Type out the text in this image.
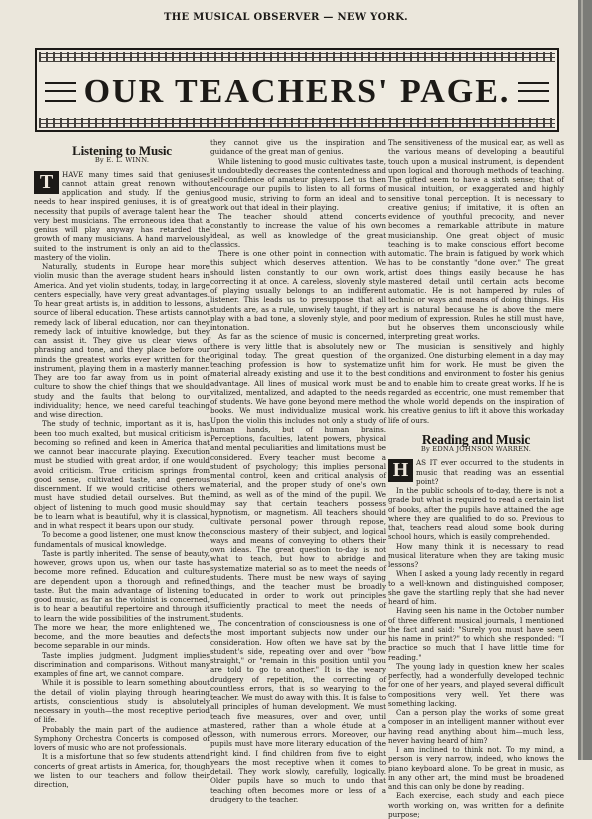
THE MUSICAL OBSERVER — NEW YORK.
OUR TEACHERS' PAGE.
Listening to Music
By E. L. WINN.

T	HAVE many times said that geniuses cannot attain great renown without application and study. If the genius needs to hear inspired geniuses, it is of great necessity that pupils of average talent hear the very best musicians. The erroneous idea that a genius will play anyway has retarded the growth of many musicians. A hand marvelously suited to the instrument is only an aid to the mastery of the violin.

Naturally, students in Europe hear more violin music than the average student hears in America. And yet violin students, today, in large centers especially, have very great advantages. To hear great artists is, in addition to lessons, a source of liberal education. These artists cannot remedy lack of liberal education, nor can they remedy lack of intuitive knowledge, but they can assist it. They give us clear views of phrasing and tone, and they place before our minds the greatest works ever written for the instrument, playing them in a masterly manner. They are too far away from us in point of culture to show the chief things that we should study and the faults that belong to our individuality; hence, we need careful teaching and wise direction.

The study of technic, important as it is, has been too much exalted, but musical criticism is becoming so refined and keen in America that we cannot bear inaccurate playing. Execution must be studied with great ardor, if one would avoid criticism. True criticism springs from good sense, cultivated taste, and generous discernment. If we would criticise others we must have studied detail ourselves. But the object of listening to much good music should be to learn what is beautiful, why it is classical, and in what respect it bears upon our study.

To become a good listener, one must know the fundamentals of musical knowledge.

Taste is partly inherited. The sense of beauty, however, grows upon us, when our taste has become more refined. Education and culture are dependent upon a thorough and refined taste. But the main advantage of listening to good music, as far as the violinist is concerned, is to hear a beautiful repertoire and through it to learn the wide possibilities of the instrument. The more we hear, the more enlightened we become, and the more beauties and defects become separable in our minds.

Taste implies judgment. Judgment implies discrimination and comparisons. Without many examples of fine art, we cannot compare.

While it is possible to learn something about the detail of violin playing through hearing artists, conscientious study is absolutely necessary in youth—the most receptive period of life.

Probably the main part of the audience at Symphony Orchestra Concerts is composed of lovers of music who are not professionals.

It is a misfortune that so few students attend concerts of great artists in America, for, though we listen to our teachers and follow their direction,

they cannot give us the inspiration and guidance of the great man of genius.

While listening to good music cultivates taste, it undoubtedly decreases the contentedness and self-confidence of amateur players. Let us then encourage our pupils to listen to all forms of good music, striving to form an ideal and to work out that ideal in their playing.

The teacher should attend concerts constantly to increase the value of his own ideal, as well as knowledge of the great classics.

There is one other point in connection with this subject which deserves attention. We should listen constantly to our own work, correcting it at once. A careless, slovenly style of playing usually belongs to an indifferent listener. This leads us to presuppose that all students are, as a rule, unwisely taught, if they play with a bad tone, a slovenly style, and poor intonation.

As far as the science of music is concerned, there is very little that is absolutely new or original today. The great question of the teaching profession is how to systematize material already existing and use it to the best advantage. All lines of musical work must be vitalized, mentalized, and adapted to the needs of students. We have gone beyond mere method books. We must individualize musical work. Upon the violin this includes not only a study of human hands, but of human brains. Perceptions, faculties, latent powers, physical and mental peculiarities and limitations must be considered. Every teacher must become a student of psychology; this implies personal mental control, keen and critical analysis of material, and the proper study of one's own mind, as well as of the mind of the pupil. We may say that certain teachers possess hypnotism, or magnetism. All teachers should cultivate personal power through repose, conscious mastery of their subject, and logical ways and means of conveying to others their own ideas. The great question to-day is not what to teach, but how to abridge and systematize material so as to meet the needs of students. There must be new ways of saying things, and the teacher must be broadly educated in order to work out principles sufficiently practical to meet the needs of students.

The concentration of consciousness is one of the most important subjects now under our consideration. How often we have sat by the student's side, repeating over and over "bow straight," or "remain in this position until you are told to go to another." It is the weary drudgery of repetition, the correcting of countless errors, that is so wearying to the teacher. We must do away with this. It is false to all principles of human development. We must teach five measures, over and over, until mastered, rather than a whole étude at a lesson, with numerous errors. Moreover, our pupils must have more literary education of the right kind. I find children from five to eight years the most receptive when it comes to detail. They work slowly, carefully, logically. Older pupils have so much to undo that teaching often becomes more or less of a drudgery to the teacher.

The sensitiveness of the musical ear, as well as the various means of developing a beautiful touch upon a musical instrument, is dependent upon logical and thorough methods of teaching. The gifted seem to have a sixth sense; that of musical intuition, or exaggerated and highly sensitive tonal perception. It is necessary to creative genius; if imitative, it is often an evidence of youthful precocity, and never becomes a remarkable attribute in mature musicianship. One great object of music teaching is to make conscious effort become automatic. The brain is fatigued by work which has to be constantly "done over." The great artist does things easily because he has mastered detail until certain acts become automatic. He is not hampered by rules of technic or ways and means of doing things. His art is natural because he is above the mere medium of expression. Rules he still must have, but he observes them unconsciously while interpreting great works.

The musician is sensitively and highly organized. One disturbing element in a day may unfit him for work. He must be given the conditions and environment to foster his genius and to enable him to create great works. If he is regarded as eccentric, one must remember that the whole world depends on the inspiration of his creative genius to lift it above this workaday life of ours.

Reading and Music
By EDNA JOHNSON WARREN.

H	AS IT ever occurred to the students in music that reading was an essential point?

In the public schools of to-day, there is not a grade but what is required to read a certain list of books, after the pupils have attained the age where they are qualified to do so. Previous to that, teachers read aloud some book during school hours, which is easily comprehended.

How many think it is necessary to read musical literature when they are taking music lessons?

When I asked a young lady recently in regard to a well-known and distinguished composer, she gave the startling reply that she had never heard of him.

Having seen his name in the October number of three different musical journals, I mentioned the fact and said: "Surely you must have seen his name in print?" to which she responded: "I practice so much that I have little time for reading."

The young lady in question knew her scales perfectly, had a wonderfully developed technic for one of her years, and played several difficult compositions very well. Yet there was something lacking.

Can a person play the works of some great composer in an intelligent manner without ever having read anything about him—much less, never having heard of him?

I am inclined to think not. To my mind, a person is very narrow, indeed, who knows the piano keyboard alone. To be great in music, as in any other art, the mind must be broadened and this can only be done by reading.

Each exercise, each study and each piece worth working on, was written for a definite purpose;
